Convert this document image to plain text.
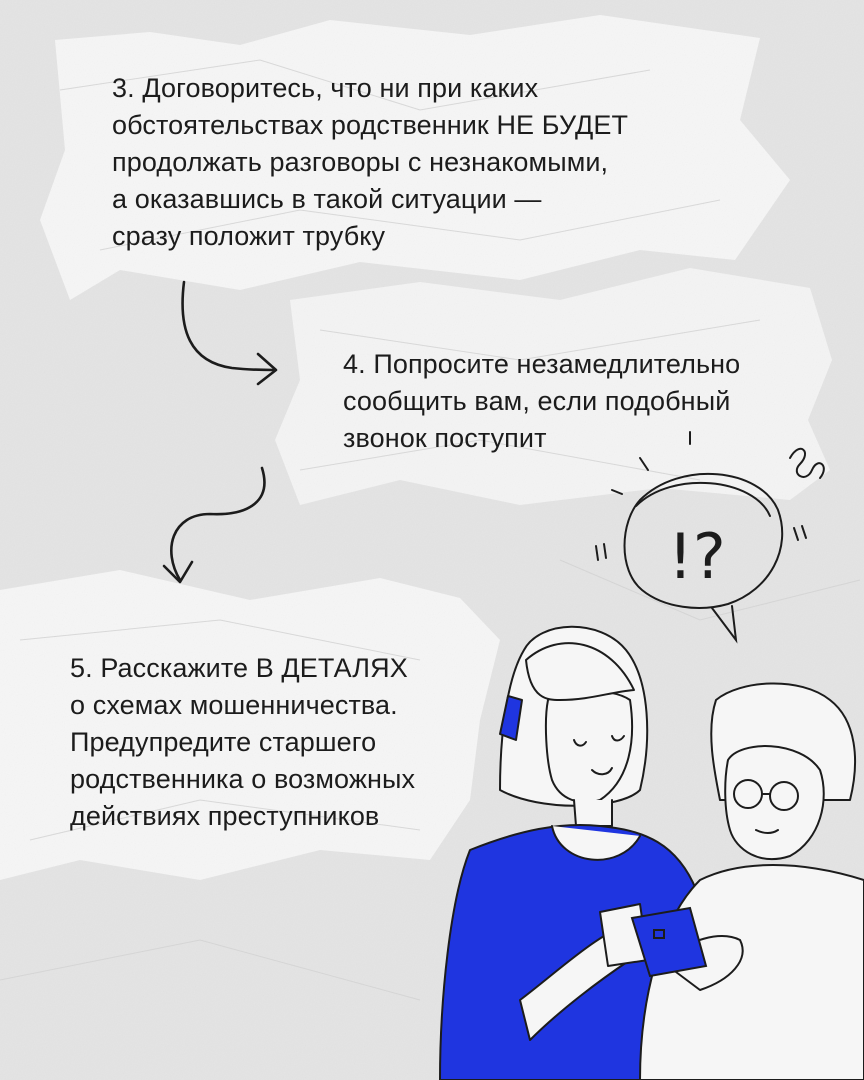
3. Договоритесь, что ни при каких
обстоятельствах родственник НЕ БУДЕТ
продолжать разговоры с незнакомыми,
а оказавшись в такой ситуации —
сразу положит трубку

4. Попросите незамедлительно
сообщить вам, если подобный
звонок поступит

5. Расскажите В ДЕТАЛЯХ
о схемах мошенничества.
Предупредите старшего
родственника о возможных
действиях преступников

!?
